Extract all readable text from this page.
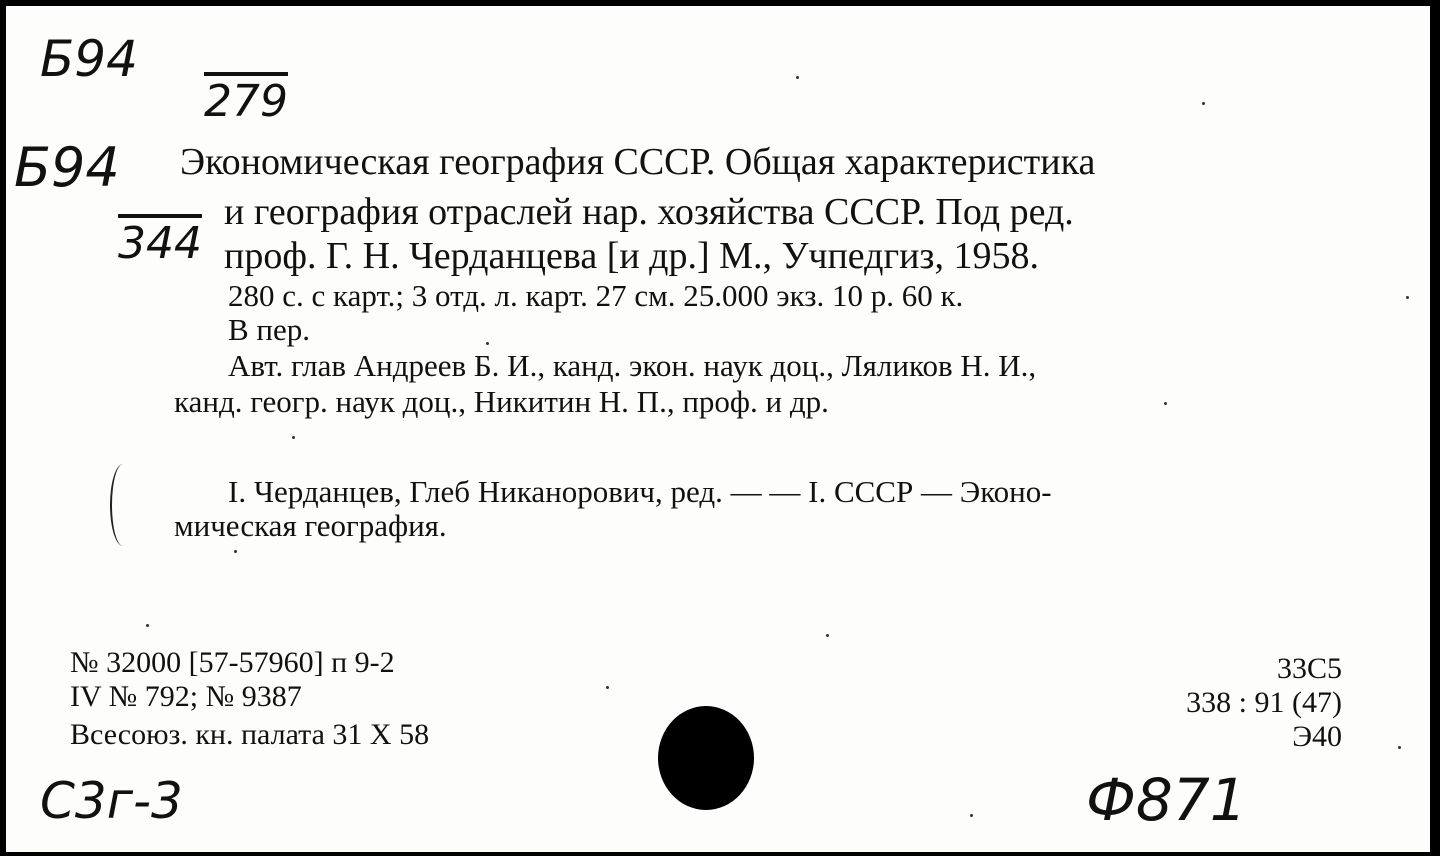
Б94
279
Б94
344
Экономическая география СССР. Общая характеристика
и география отраслей нар. хозяйства СССР. Под ред.
проф. Г. Н. Черданцева [и др.] М., Учпедгиз, 1958.
280 с. с карт.; 3 отд. л. карт. 27 см. 25.000 экз. 10 р. 60 к.
В пер.
Авт. глав Андреев Б. И., канд. экон. наук доц., Ляликов Н. И.,
канд. геогр. наук доц., Никитин Н. П., проф. и др.
I. Черданцев, Глеб Никанорович, ред. — — I. СССР — Эконо-
мическая география.
№ 32000 [57-57960] п 9-2
IV № 792; № 9387
Всесоюз. кн. палата 31 X 58
33С5
338 : 91 (47)
Э40
С3г-3	Ф871
